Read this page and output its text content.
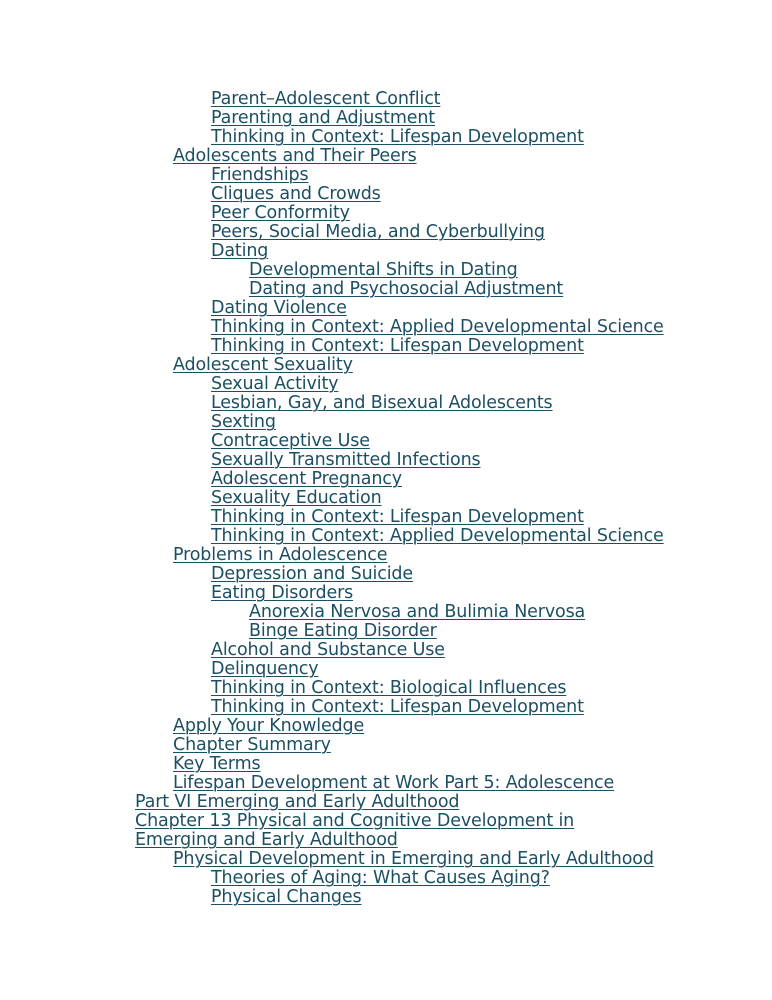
Parent–Adolescent Conflict
Parenting and Adjustment
Thinking in Context: Lifespan Development
Adolescents and Their Peers
Friendships
Cliques and Crowds
Peer Conformity
Peers, Social Media, and Cyberbullying
Dating
Developmental Shifts in Dating
Dating and Psychosocial Adjustment
Dating Violence
Thinking in Context: Applied Developmental Science
Thinking in Context: Lifespan Development
Adolescent Sexuality
Sexual Activity
Lesbian, Gay, and Bisexual Adolescents
Sexting
Contraceptive Use
Sexually Transmitted Infections
Adolescent Pregnancy
Sexuality Education
Thinking in Context: Lifespan Development
Thinking in Context: Applied Developmental Science
Problems in Adolescence
Depression and Suicide
Eating Disorders
Anorexia Nervosa and Bulimia Nervosa
Binge Eating Disorder
Alcohol and Substance Use
Delinquency
Thinking in Context: Biological Influences
Thinking in Context: Lifespan Development
Apply Your Knowledge
Chapter Summary
Key Terms
Lifespan Development at Work Part 5: Adolescence
Part VI Emerging and Early Adulthood
Chapter 13 Physical and Cognitive Development in Emerging and Early Adulthood
Physical Development in Emerging and Early Adulthood
Theories of Aging: What Causes Aging?
Physical Changes
